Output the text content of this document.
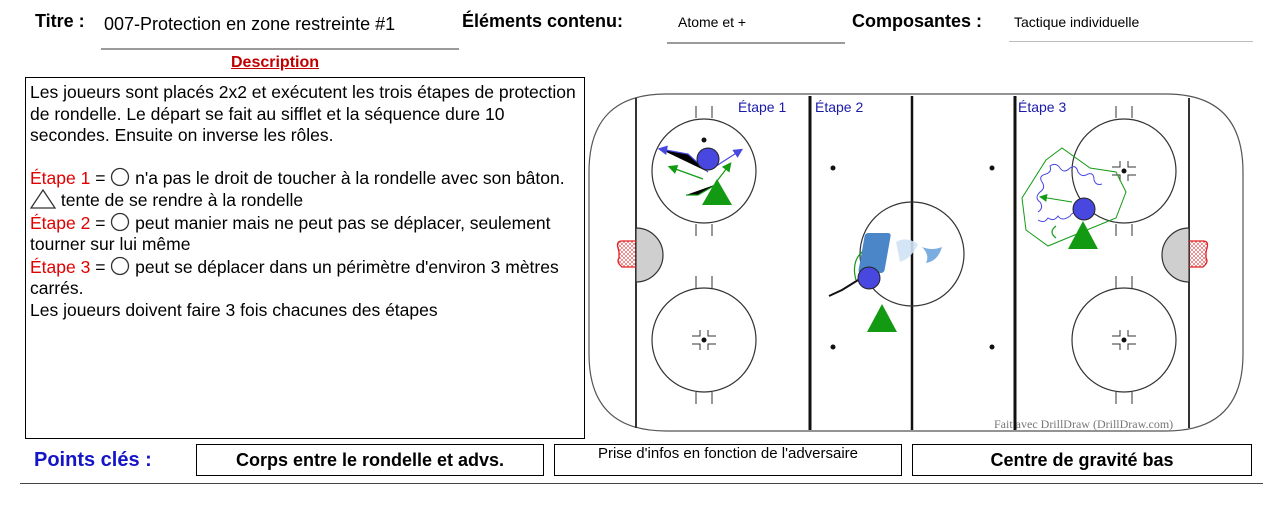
Titre : 007-Protection en zone restreinte #1	Éléments contenu:	Atome et +	Composantes : Tactique individuelle
Description

Les joueurs sont placés 2x2 et exécutent les trois étapes de protection de rondelle. Le départ se fait au sifflet et la séquence dure 10 secondes. Ensuite on inverse les rôles.

Étape 1 =  n'a pas le droit de toucher à la rondelle avec son bâton.  tente de se rendre à la rondelle

Étape 2 =  peut manier mais ne peut pas se déplacer, seulement tourner sur lui même

Étape 3 =  peut se déplacer dans un périmètre d'environ 3 mètres carrés.

Les joueurs doivent faire 3 fois chacunes des étapes

Étape 1 Étape 2	Étape 3
Fait avec DrillDraw (DrillDraw.com)
Points clés :	Corps entre le rondelle et advs.	Prise d'infos en fonction de l'adversaire	Centre de gravité bas
